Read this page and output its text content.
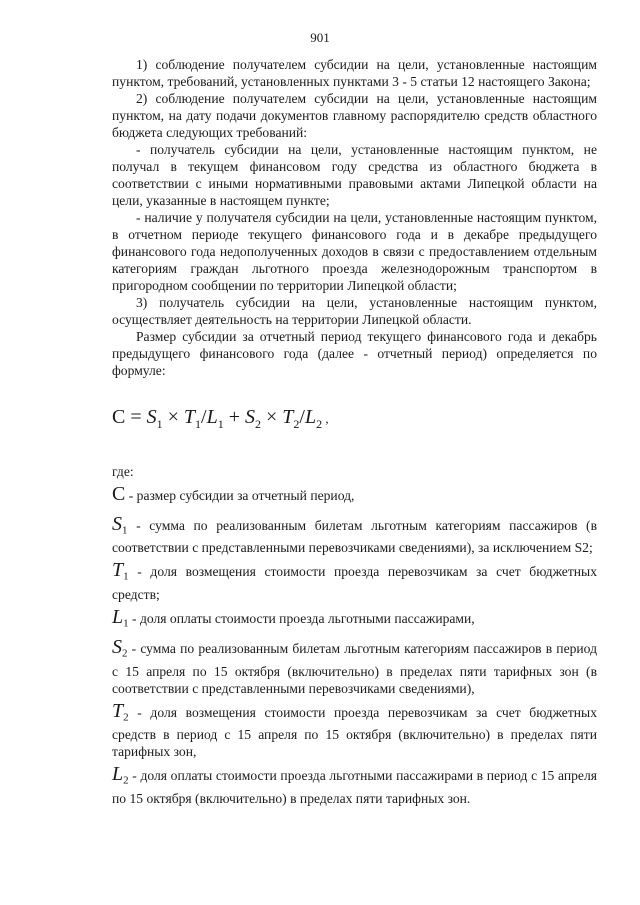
901

1) соблюдение получателем субсидии на цели, установленные настоящим пунктом, требований, установленных пунктами 3 - 5 статьи 12 настоящего Закона;

2) соблюдение получателем субсидии на цели, установленные настоящим пунктом, на дату подачи документов главному распорядителю средств областного бюджета следующих требований:

- получатель субсидии на цели, установленные настоящим пунктом, не получал в текущем финансовом году средства из областного бюджета в соответствии с иными нормативными правовыми актами Липецкой области на цели, указанные в настоящем пункте;

- наличие у получателя субсидии на цели, установленные настоящим пунктом, в отчетном периоде текущего финансового года и в декабре предыдущего финансового года недополученных доходов в связи с предоставлением отдельным категориям граждан льготного проезда железнодорожным транспортом в пригородном сообщении по территории Липецкой области;

3) получатель субсидии на цели, установленные настоящим пунктом, осуществляет деятельность на территории Липецкой области.

Размер субсидии за отчетный период текущего финансового года и декабрь предыдущего финансового года (далее - отчетный период) определяется по формуле:

$C = S_1 \times T_1/L_1 + S_2 \times T_2/L_2$ ,

где:

C - размер субсидии за отчетный период,

$S_1$ - сумма по реализованным билетам льготным категориям пассажиров (в соответствии с представленными перевозчиками сведениями), за исключением S2;

$T_1$ - доля возмещения стоимости проезда перевозчикам за счет бюджетных средств;

$L_1$ - доля оплаты стоимости проезда льготными пассажирами,

$S_2$ - сумма по реализованным билетам льготным категориям пассажиров в период с 15 апреля по 15 октября (включительно) в пределах пяти тарифных зон (в соответствии с представленными перевозчиками сведениями),

$T_2$ - доля возмещения стоимости проезда перевозчикам за счет бюджетных средств в период с 15 апреля по 15 октября (включительно) в пределах пяти тарифных зон,

$L_2$ - доля оплаты стоимости проезда льготными пассажирами в период с 15 апреля по 15 октября (включительно) в пределах пяти тарифных зон.
